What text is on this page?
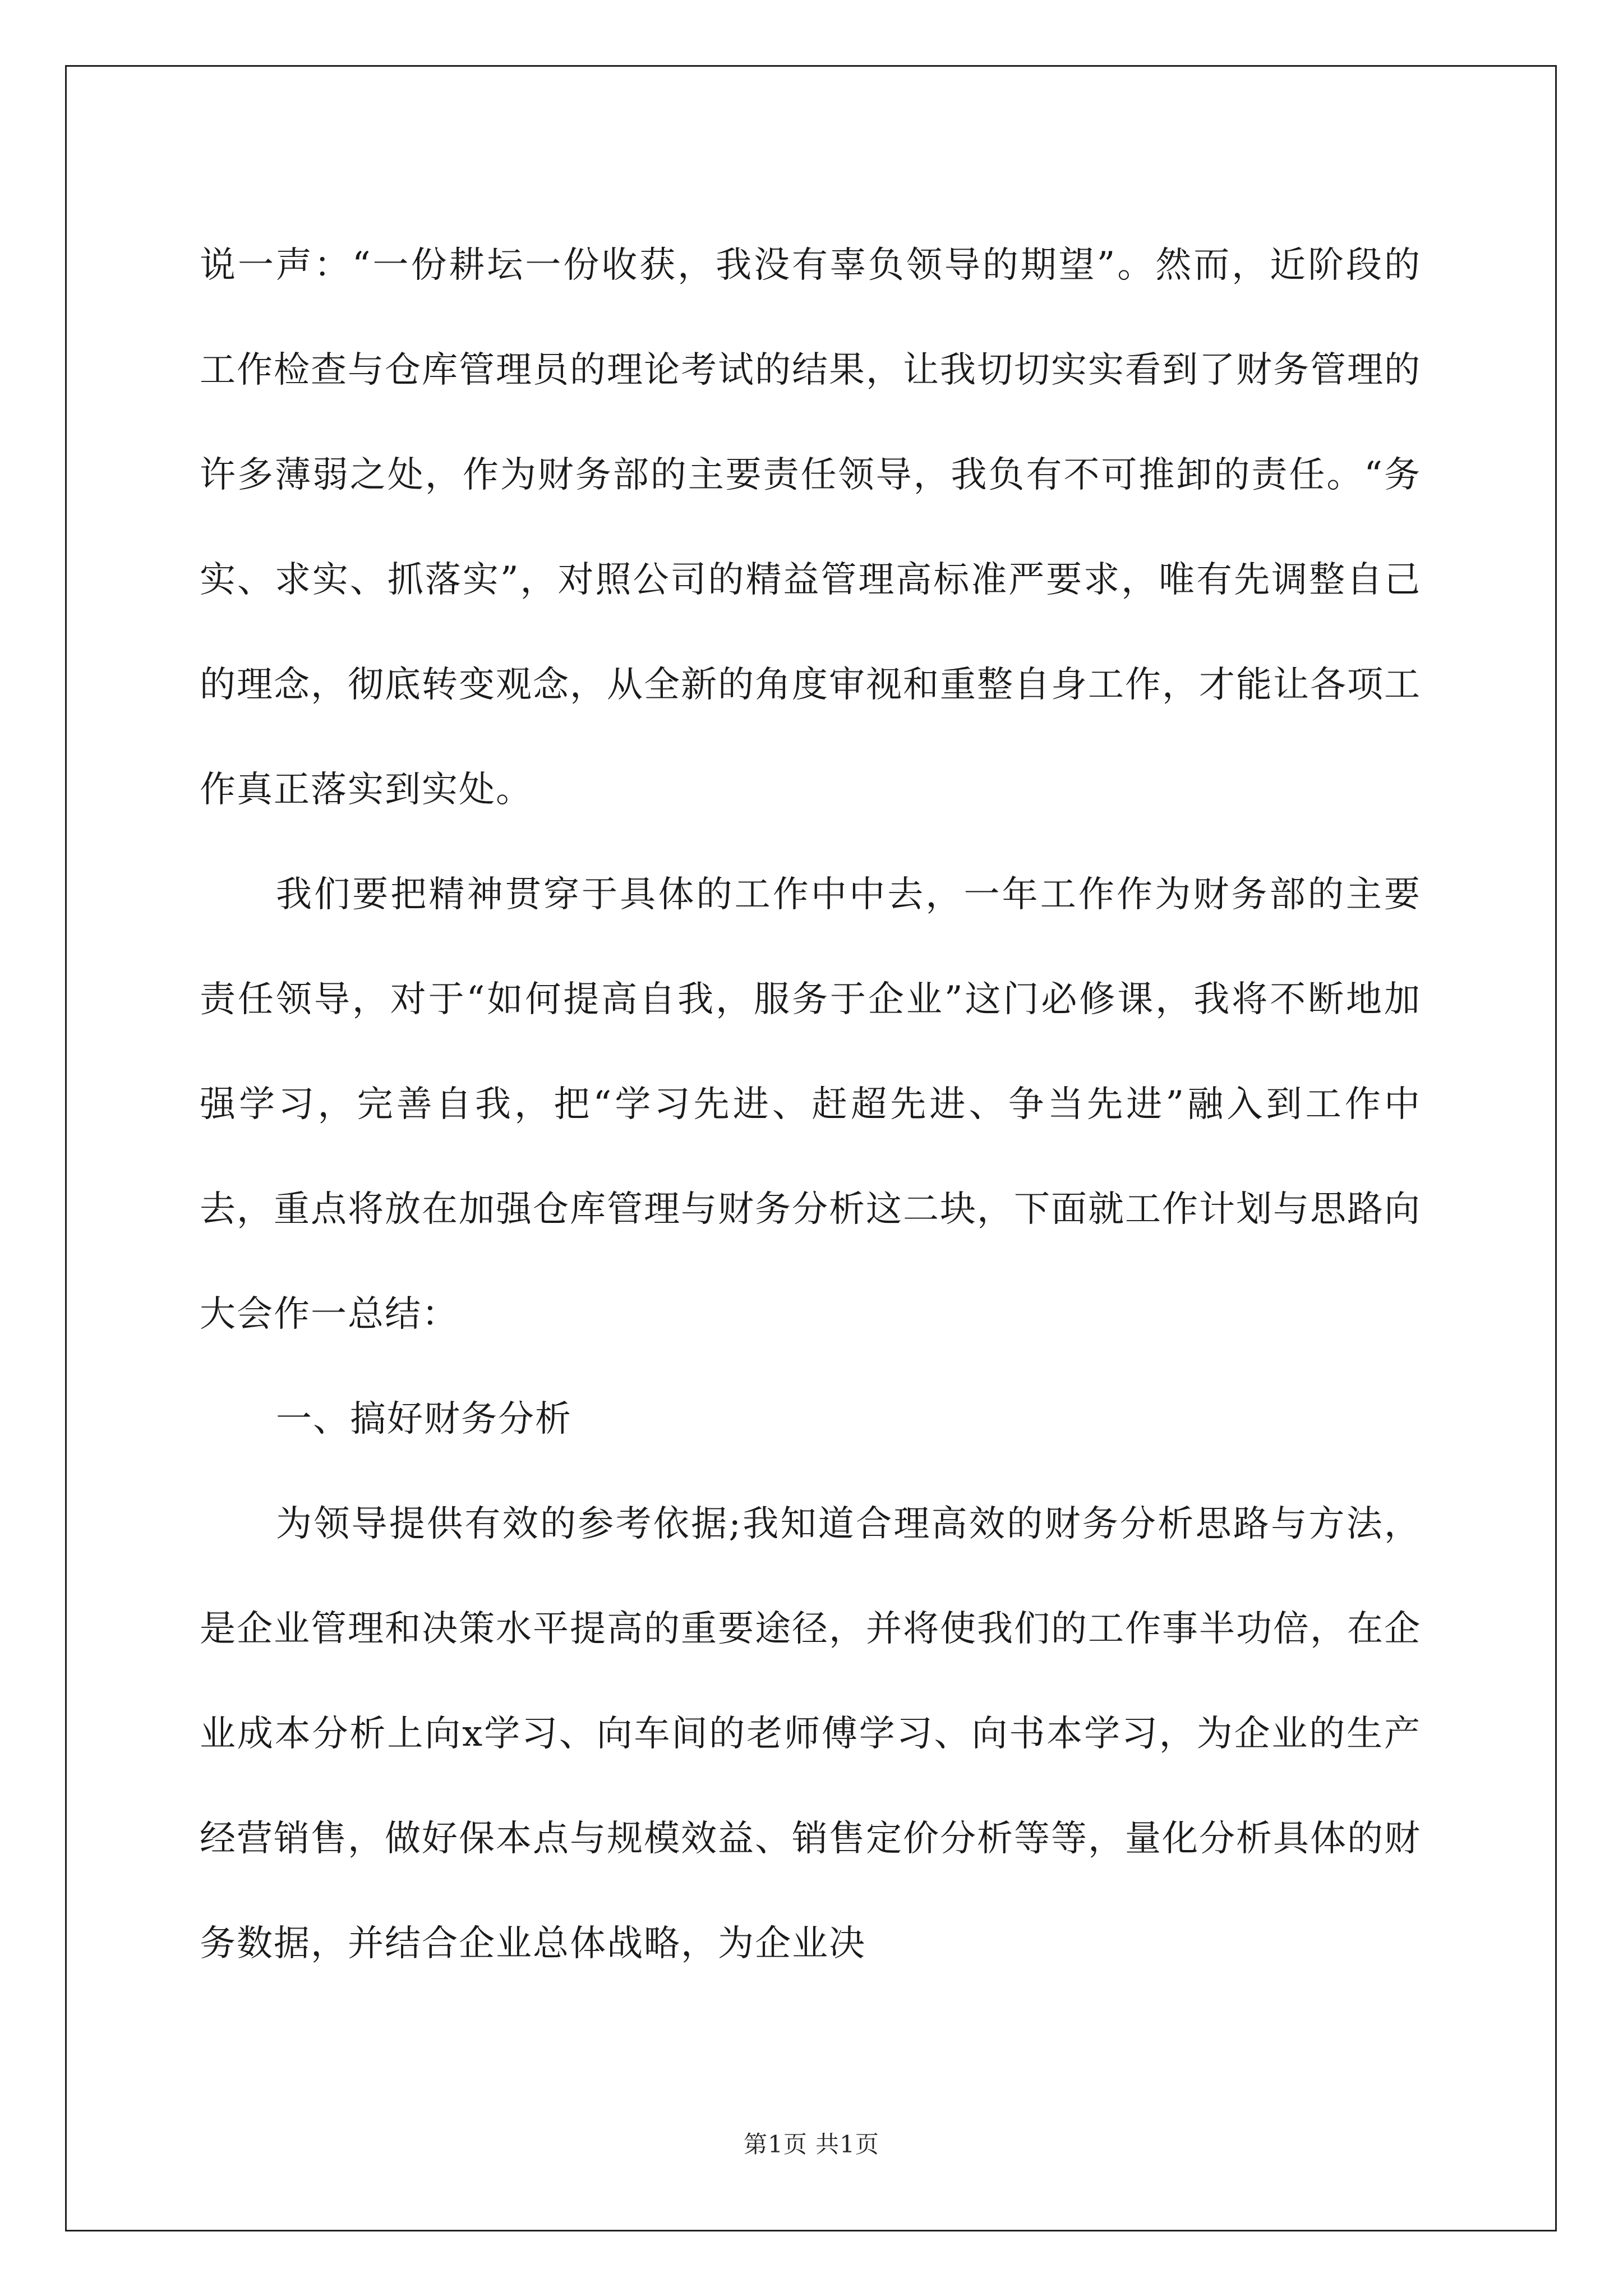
说一声：“一份耕坛一份收获，我没有辜负领导的期望”。然而，近阶段的工作检查与仓库管理员的理论考试的结果，让我切切实实看到了财务管理的许多薄弱之处，作为财务部的主要责任领导，我负有不可推卸的责任。“务实、求实、抓落实”，对照公司的精益管理高标准严要求，唯有先调整自己的理念，彻底转变观念，从全新的角度审视和重整自身工作，才能让各项工作真正落实到实处。

我们要把精神贯穿于具体的工作中中去，一年工作作为财务部的主要责任领导，对于“如何提高自我，服务于企业”这门必修课，我将不断地加强学习，完善自我，把“学习先进、赶超先进、争当先进”融入到工作中去，重点将放在加强仓库管理与财务分析这二块，下面就工作计划与思路向大会作一总结：

一、搞好财务分析

为领导提供有效的参考依据;我知道合理高效的财务分析思路与方法，是企业管理和决策水平提高的重要途径，并将使我们的工作事半功倍，在企业成本分析上向x学习、向车间的老师傅学习、向书本学习，为企业的生产经营销售，做好保本点与规模效益、销售定价分析等等，量化分析具体的财务数据，并结合企业总体战略，为企业决

第1页 共1页
